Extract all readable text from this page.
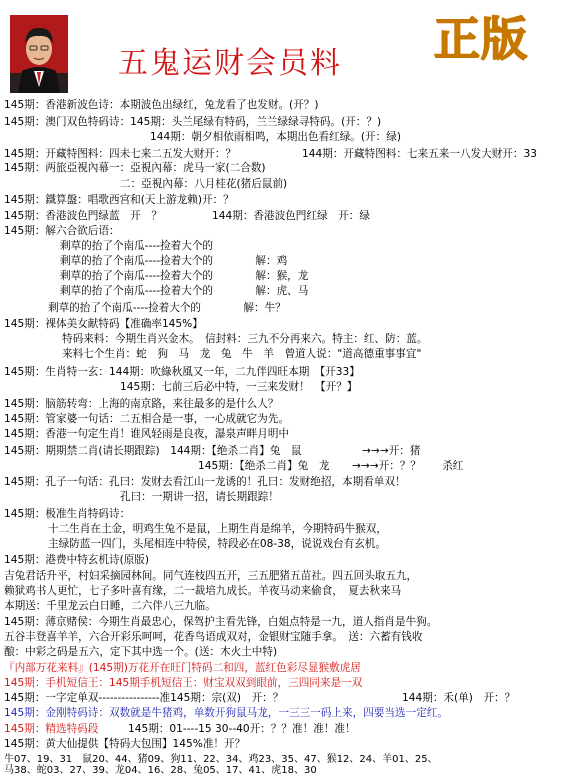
五鬼运财会员料 正版
145期：香港新波色诗：本期波色出绿红，兔龙看了也发财。(开？)
145期：澳门双色特码诗：145期：头兰尾绿有特码，兰兰绿绿寻特码。(开：？)
144期：朝夕相依雨相鸣，本期出色看红绿。(开：绿)
145期：开藏特图料：四未七来二五发大财开：？	144期：开藏特图料：七来五来一八发大财开：33
145期：两旅亞視內幕一：亞視內幕：虎马一家(二合数)
二：亞視內幕：八月桂花(猪后鼠前)
145期：鐵算盤：唱歌西宫和(天上游龙赖)开：？
145期：香港波色門绿蓝　开　？	144期：香港波色門红绿　开：绿
145期：解六合欲后语：
剩草的抬了个南瓜----捡着大个的
剩草的抬了个南瓜----捡着大个的　　　　解：鸡
剩草的抬了个南瓜----捡着大个的　　　　解：猴，龙
剩草的抬了个南瓜----捡着大个的　　　　解：虎、马
剩草的抬了个南瓜----捡着大个的　　　　解：牛？
145期：裸体美女献特码【准确率145%】
特码来料：今期生肖兴金木。　信封料：三九不分再来六。特主：红、防：蓝。
来料七个生肖：蛇　狗　马　龙　兔　牛　羊　曾道人说："道高德重事事宜"
145期：生肖特一玄：144期：吹綠秋風又一年，二九伴四旺本期　【开33】
145期：七前三后必中特，一三来发财！　【开？】
145期：脑筋转弯：上海的南京路，来往最多的是什么人？
145期：管家婆一句话：二五相合是一事，一心成就它为先。
145期：香港一句定生肖！谁风轻雨是良夜，瀑泉声畔月明中
145期：期期禁二肖(请长期跟踪)　144期：【绝杀二肖】兔　鼠	→→→开：猪
145期：【绝杀二肖】兔　龙 →→→开：？？　　杀红
145期：孔子一句话：孔曰：发财去看江山一龙诱的！孔曰：发财绝招，本期看单双！
孔曰：一期讲一招，请长期跟踪！
145期：极准生肖特码诗：
十二生肖在土金，明鸡生兔不是鼠，上期生肖是绵羊，今期特码牛猴双，
主绿防蓝一四门，头尾相连中特侯，特段必在08-38，说说戏台有玄机。
145期：港费中特玄机诗(原版)
吉兔君话升平，村妇采摘园林间。同气连枝四五开，三五肥猪五苗社。四五回头取五九，
赖狱鸡书人更忙，七子多叶喜有缘，二一裁培九成长。羊夜马动来偷食，　夏去秋来马
本期送：千里龙云白日睡，二六伴八三九临。
145期：薄京赌侯：今期生肖最忠心，保驾护主看先锋，白姐点特是一九，道人指肖是牛狗。
五谷丰登喜羊羊，六合开彩乐呵呵，花香鸟语成双对，金银财宝随手拿。　送：六蓄有钱收
酿：中彩之码是五六，定下其中选一个。(送：木火土中特)
『内部万花来料』(145期)万花开在旺门特码二和四，蓝红色彩尽显猴敷虎居
145期：手机短信王：145期手机短信王：财宝双双到眼前，三四同来是一双
145期：一字定单双----------------准145期：宗(双)　开：？	144期：禾(单)　开：？
145期：金刚特码诗：双数就是牛猪鸡，单数开狗鼠马龙，一三三一码上来，四要当选一定红。
145期：精选特码段	145期：01----15 30--40开：？？准！准！准！
145期：黄大仙提供【特码大包围】145%准！开？
牛07、19、31　鼠20、44、猪09、狗11、22、34、鸡23、35、47、猴12、24、羊01、25、
马38、蛇03、27、39、龙04、16、28、兔05、17、41、虎18、30
